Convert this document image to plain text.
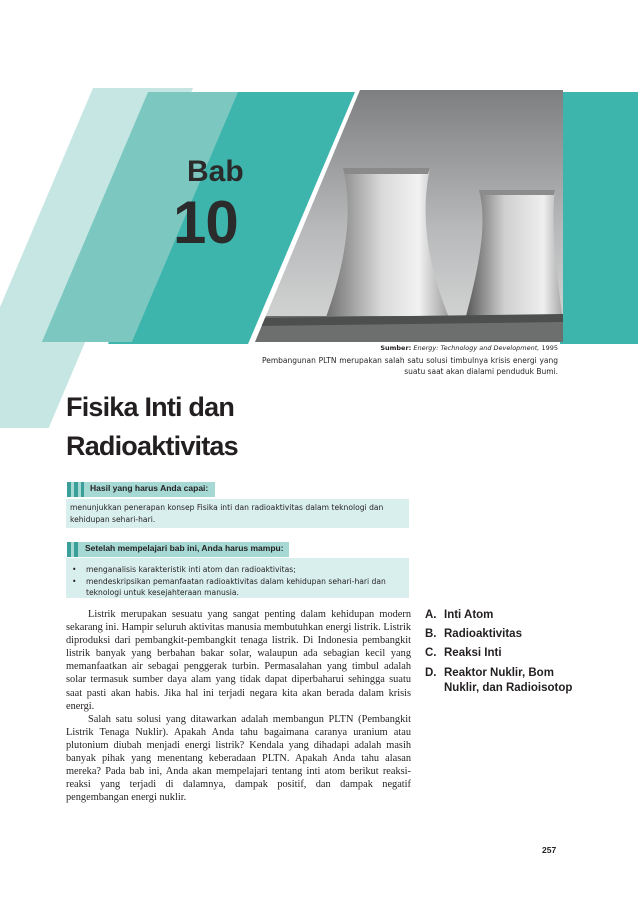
Bab
10
Sumber: Energy: Technology and Development, 1995
Pembangunan PLTN merupakan salah satu solusi timbulnya krisis energi yang suatu saat akan dialami penduduk Bumi.
Fisika Inti dan
Radioaktivitas
Hasil yang harus Anda capai:
menunjukkan penerapan konsep Fisika inti dan radioaktivitas dalam teknologi dan kehidupan sehari-hari.
Setelah mempelajari bab ini, Anda harus mampu:
• menganalisis karakteristik inti atom dan radioaktivitas;
• mendeskripsikan pemanfaatan radioaktivitas dalam kehidupan sehari-hari dan teknologi untuk kesejahteraan manusia.

Listrik merupakan sesuatu yang sangat penting dalam kehidupan modern sekarang ini. Hampir seluruh aktivitas manusia membutuhkan energi listrik. Listrik diproduksi dari pembangkit-pembangkit tenaga listrik. Di Indonesia pembangkit listrik banyak yang berbahan bakar solar, walaupun ada sebagian kecil yang memanfaatkan air sebagai penggerak turbin. Permasalahan yang timbul adalah solar termasuk sumber daya alam yang tidak dapat diperbaharui sehingga suatu saat pasti akan habis. Jika hal ini terjadi negara kita akan berada dalam krisis energi.

Salah satu solusi yang ditawarkan adalah membangun PLTN (Pembangkit Listrik Tenaga Nuklir). Apakah Anda tahu bagaimana caranya uranium atau plutonium diubah menjadi energi listrik? Kendala yang dihadapi adalah masih banyak pihak yang menentang keberadaan PLTN. Apakah Anda tahu alasan mereka? Pada bab ini, Anda akan mempelajari tentang inti atom berikut reaksi-reaksi yang terjadi di dalamnya, dampak positif, dan dampak negatif pengembangan energi nuklir.

A. Inti Atom
B. Radioaktivitas
C. Reaksi Inti
D. Reaktor Nuklir, Bom Nuklir, dan Radioisotop
257
